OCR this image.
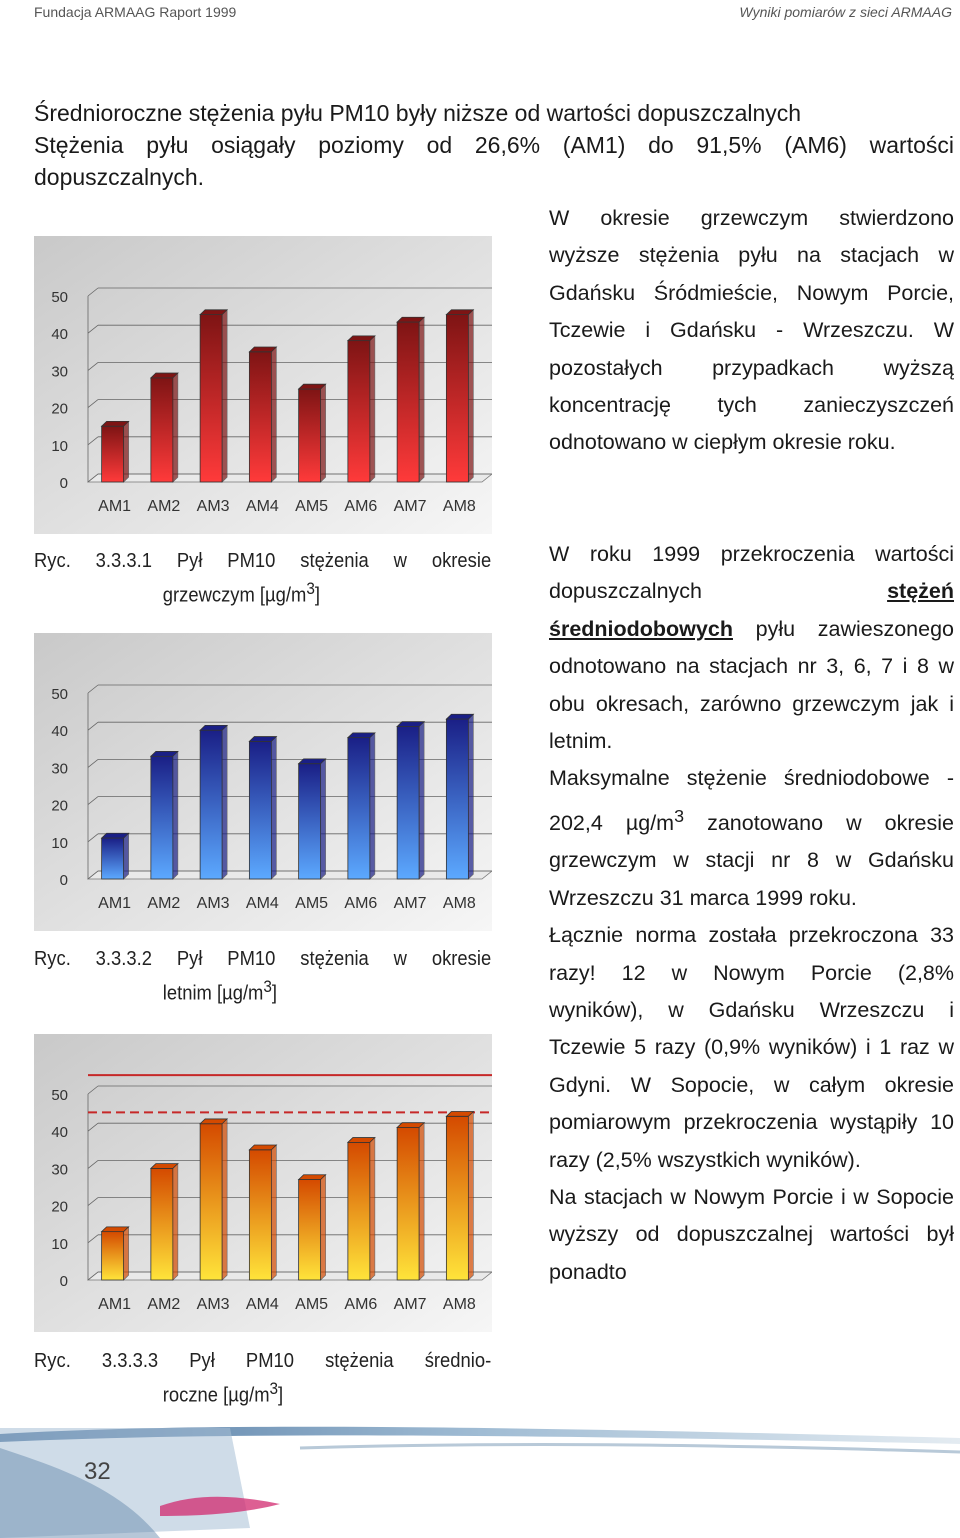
Fundacja ARMAAG Raport 1999	Wyniki pomiarów z sieci ARMAAG
Średnioroczne stężenia pyłu PM10 były niższe od wartości dopuszczalnych
Stężenia pyłu osiągały poziomy od 26,6% (AM1) do 91,5% (AM6) wartości dopuszczalnych.

W okresie grzewczym stwierdzono wyższe stężenia pyłu na stacjach w Gdańsku Śródmieście, Nowym Porcie, Tczewie i Gdańsku - Wrzeszczu. W pozostałych przypadkach wyższą koncentrację tych zanieczyszczeń odnotowano w ciepłym okresie roku.

W roku 1999 przekroczenia wartości dopuszczalnych stężeń średniodobowych pyłu zawieszonego odnotowano na stacjach nr 3, 6, 7 i 8 w obu okresach, zarówno grzewczym jak i letnim.

Maksymalne stężenie średniodobowe - 202,4 $\mu g/m^3$ zanotowano w okresie grzewczym w stacji nr 8 w Gdańsku Wrzeszczu 31 marca 1999 roku.

Łącznie norma została przekroczona 33 razy! 12 w Nowym Porcie (2,8% wyników), w Gdańsku Wrzeszczu i Tczewie 5 razy (0,9% wyników) i 1 raz w Gdyni. W Sopocie, w całym okresie pomiarowym przekroczenia wystąpiły 10 razy (2,5% wszystkich wyników).

Na stacjach w Nowym Porcie i w Sopocie wyższy od dopuszczalnej wartości był ponadto

0
10
20
30
40
50
AM1 AM2 AM3 AM4 AM5 AM6 AM7 AM8
0
10
20
30
40
50
AM1 AM2 AM3 AM4 AM5 AM6 AM7 AM8
0
10
20
30
40
50
AM1 AM2 AM3 AM4 AM5 AM6 AM7 AM8
Ryc. 3.3.3.1 Pył PM10 stężenia w okresie
grzewczym $[\mu g/m^3]$
Ryc. 3.3.3.2 Pył PM10 stężenia w okresie
letnim $[\mu g/m^3]$
Ryc. 3.3.3.3 Pył PM10 stężenia średnio-
roczne $[\mu g/m^3]$
32
